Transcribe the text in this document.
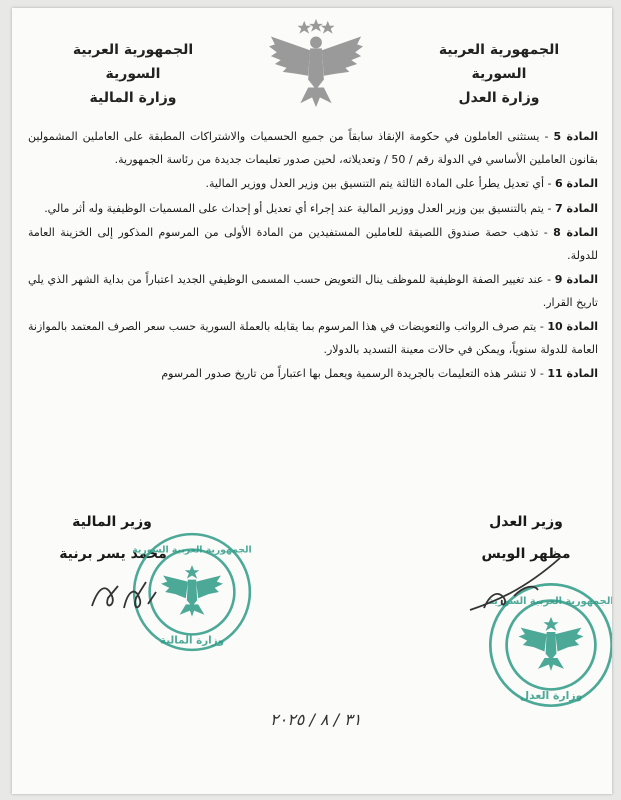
الجمهورية العربية السورية
وزارة العدل
الجمهورية العربية السورية
وزارة المالية

المادة 5 - يستثنى العاملون في حكومة الإنقاذ سابقاً من جميع الحسميات والاشتراكات المطبقة على العاملين المشمولين بقانون العاملين الأساسي في الدولة رقم / 50 / وتعديلاته، لحين صدور تعليمات جديدة من رئاسة الجمهورية.

المادة 6 - أي تعديل يطرأ على المادة الثالثة يتم التنسيق بين وزير العدل ووزير المالية.

المادة 7 - يتم بالتنسيق بين وزير العدل ووزير المالية عند إجراء أي تعديل أو إحداث على المسميات الوظيفية وله أثر مالي.

المادة 8 - تذهب حصة صندوق اللصيقة للعاملين المستفيدين من المادة الأولى من المرسوم المذكور إلى الخزينة العامة للدولة.

المادة 9 - عند تغيير الصفة الوظيفية للموظف ينال التعويض حسب المسمى الوظيفي الجديد اعتباراً من بداية الشهر الذي يلي تاريخ القرار.

المادة 10 - يتم صرف الرواتب والتعويضات في هذا المرسوم بما يقابله بالعملة السورية حسب سعر الصرف المعتمد بالموازنة العامة للدولة سنوياً، ويمكن في حالات معينة التسديد بالدولار.

المادة 11 - لا تنشر هذه التعليمات بالجريدة الرسمية ويعمل بها اعتباراً من تاريخ صدور المرسوم

وزير العدل
مظهر الويس
وزير المالية
محمد يسر برنية
الجمهورية العربية السورية
وزارة المالية
الجمهورية العربية السورية
وزارة العدل
٣١ / ٨ / ٢٠٢٥
